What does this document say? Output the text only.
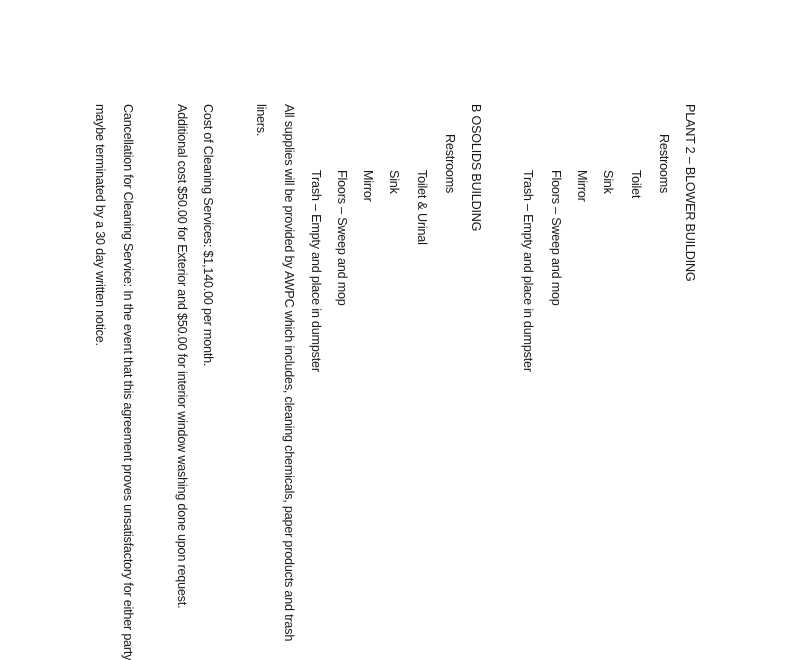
PLANT 2 – BLOWER BUILDING
Restrooms
Toilet
Sink
Mirror
Floors – Sweep and mop
Trash – Empty and place in dumpster
B OSOLIDS BUILDING
Restrooms
Toilet & Urinal
Sink
Mirror
Floors – Sweep and mop
Trash – Empty and place in dumpster
All supplies will be provided by AWPC which includes, cleaning chemicals, paper products and trash
liners.
Cost of Cleaning Services: $1,140.00 per month.
Additional cost $50.00 for Exterior and $50.00 for interior window washing done upon request.
Cancellation for Cleaning Service: In the event that this agreement proves unsatisfactory for either party
maybe terminated by a 30 day written notice.
